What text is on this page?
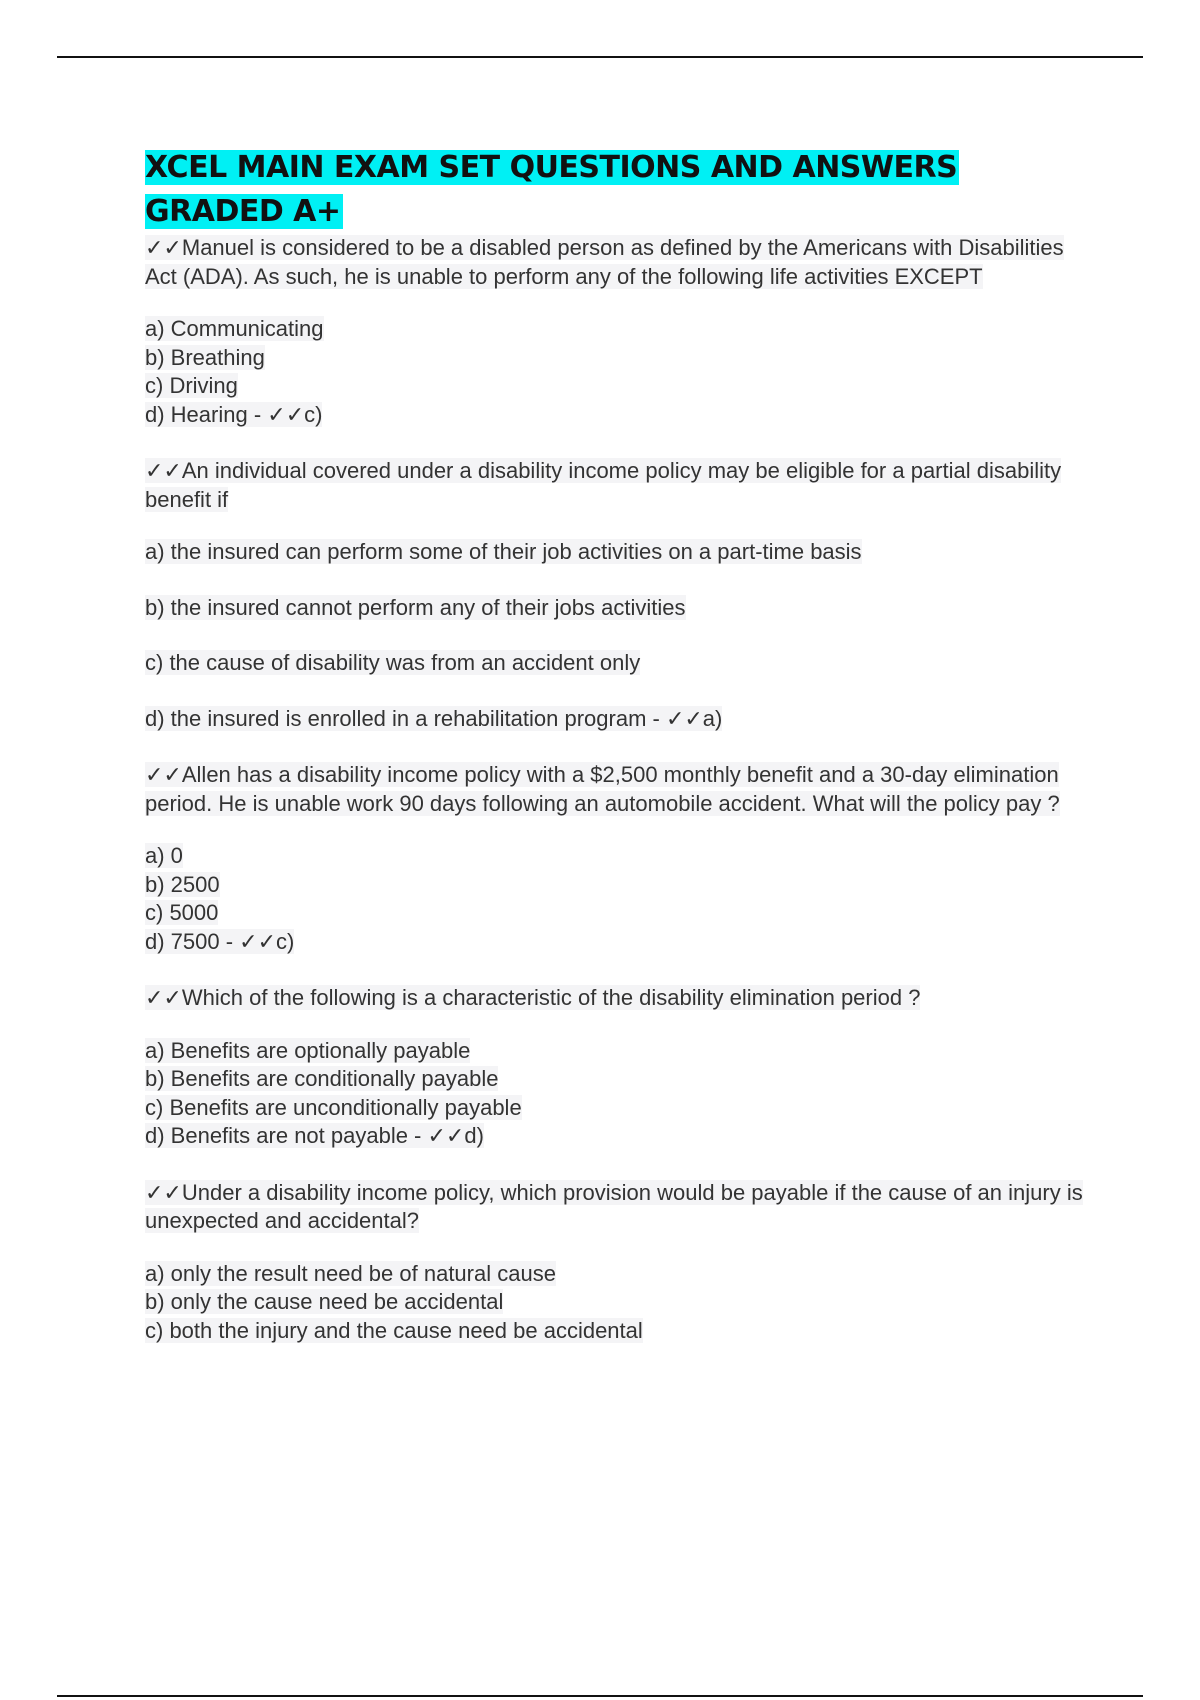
XCEL MAIN EXAM SET QUESTIONS AND ANSWERS GRADED A+

✓✓Manuel is considered to be a disabled person as defined by the Americans with Disabilities Act (ADA). As such, he is unable to perform any of the following life activities EXCEPT

a) Communicating
b) Breathing
c) Driving
d) Hearing - ✓✓c)

✓✓An individual covered under a disability income policy may be eligible for a partial disability benefit if

a) the insured can perform some of their job activities on a part-time basis
b) the insured cannot perform any of their jobs activities
c) the cause of disability was from an accident only
d) the insured is enrolled in a rehabilitation program - ✓✓a)

✓✓Allen has a disability income policy with a $2,500 monthly benefit and a 30-day elimination period. He is unable work 90 days following an automobile accident. What will the policy pay ?

a) 0
b) 2500
c) 5000
d) 7500 - ✓✓c)

✓✓Which of the following is a characteristic of the disability elimination period ?

a) Benefits are optionally payable
b) Benefits are conditionally payable
c) Benefits are unconditionally payable
d) Benefits are not payable - ✓✓d)

✓✓Under a disability income policy, which provision would be payable if the cause of an injury is unexpected and accidental?

a) only the result need be of natural cause
b) only the cause need be accidental
c) both the injury and the cause need be accidental
